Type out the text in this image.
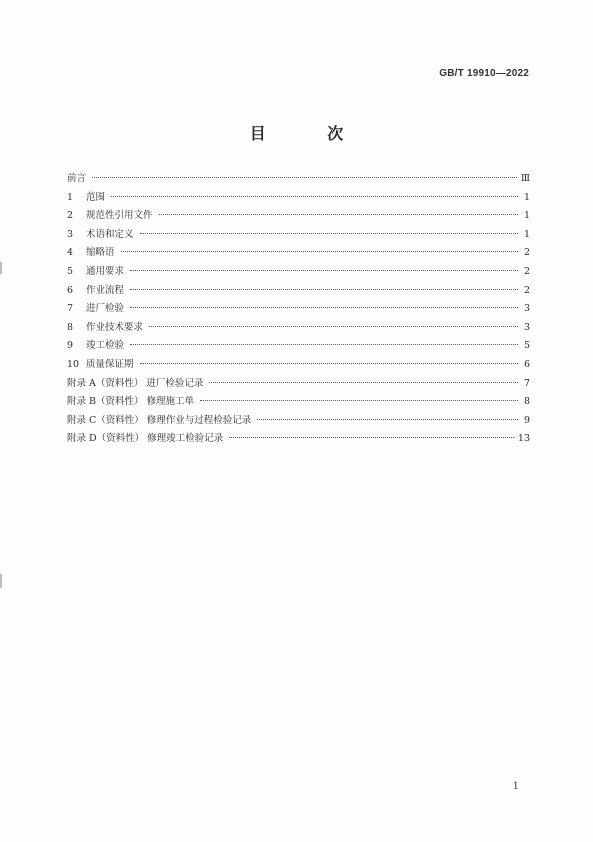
GB/T 19910—2022
目 次
前言	Ⅲ
1	范围	1
2	规范性引用文件	1
3	术语和定义	1
4	缩略语	2
5	通用要求	2
6	作业流程	2
7	进厂检验	3
8	作业技术要求	3
9	竣工检验	5
10 质量保证期	6
附录 A（资料性） 进厂检验记录	7
附录 B（资料性） 修理施工单	8
附录 C（资料性） 修理作业与过程检验记录	9
附录 D（资料性） 修理竣工检验记录	13
1
